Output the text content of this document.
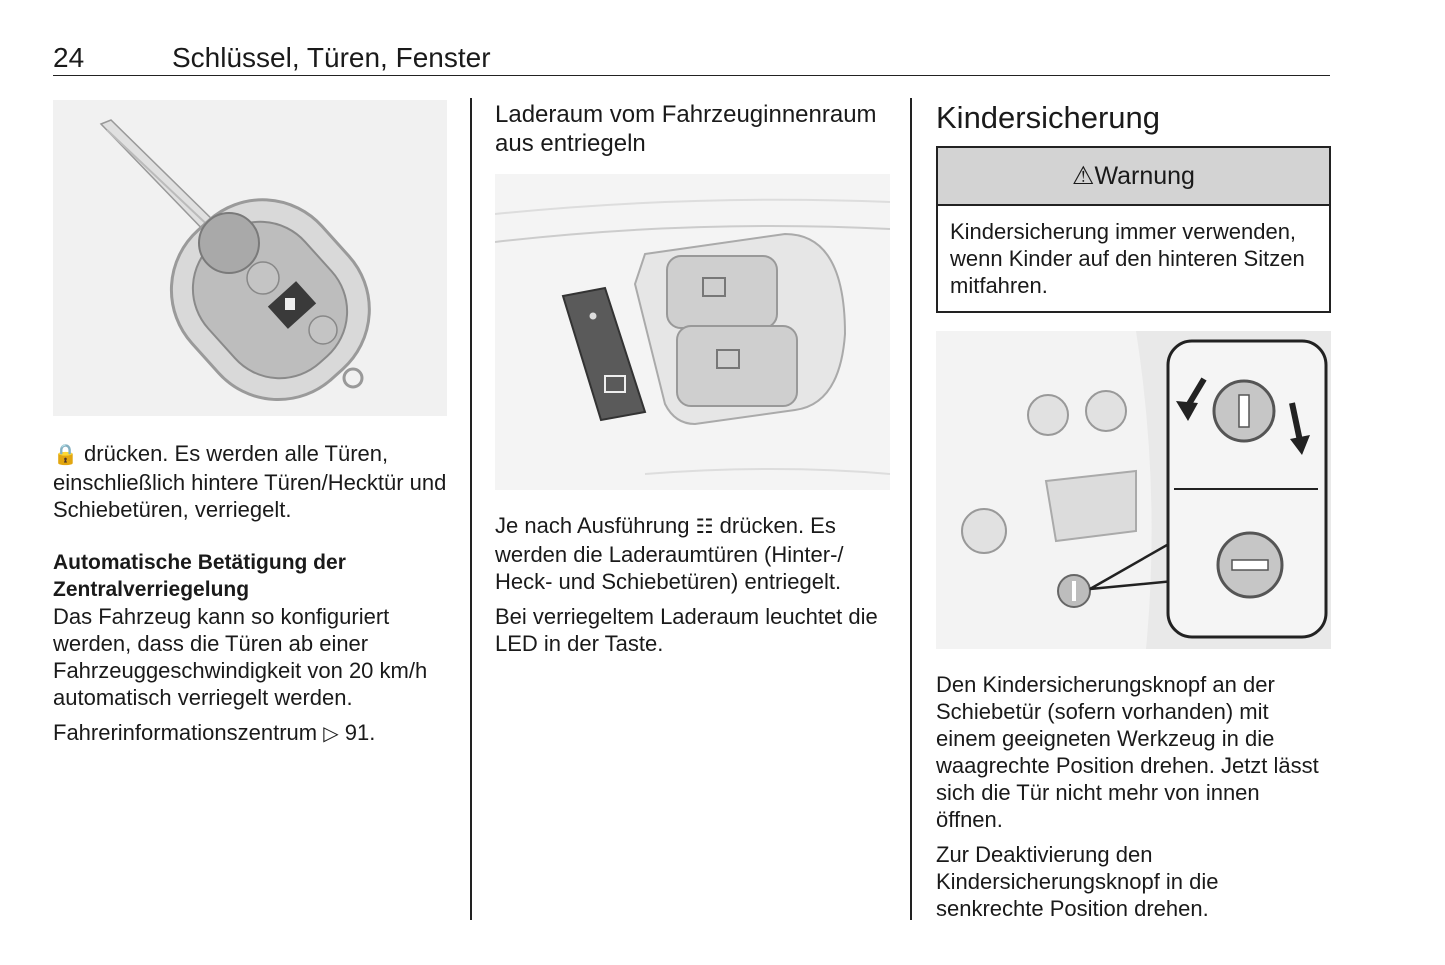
24	Schlüssel, Türen, Fenster

🔒 drücken. Es werden alle Türen, einschließlich hintere Türen/Hecktür und Schiebetüren, verriegelt.

Automatische Betätigung der Zentralverriegelung

Das Fahrzeug kann so konfiguriert werden, dass die Türen ab einer Fahrzeuggeschwindigkeit von 20 km/h automatisch verriegelt werden.

Fahrerinformationszentrum ▷ 91.

Laderaum vom Fahrzeuginnenraum aus entriegeln

Je nach Ausführung ☷ drücken. Es werden die Laderaumtüren (Hinter-/ Heck- und Schiebetüren) entriegelt.

Bei verriegeltem Laderaum leuchtet die LED in der Taste.

Kindersicherung

⚠ Warnung
Kindersicherung immer verwenden, wenn Kinder auf den hinteren Sitzen mitfahren.

Den Kindersicherungsknopf an der Schiebetür (sofern vorhanden) mit einem geeigneten Werkzeug in die waagrechte Position drehen. Jetzt lässt sich die Tür nicht mehr von innen öffnen.

Zur Deaktivierung den Kindersicherungsknopf in die senkrechte Position drehen.
